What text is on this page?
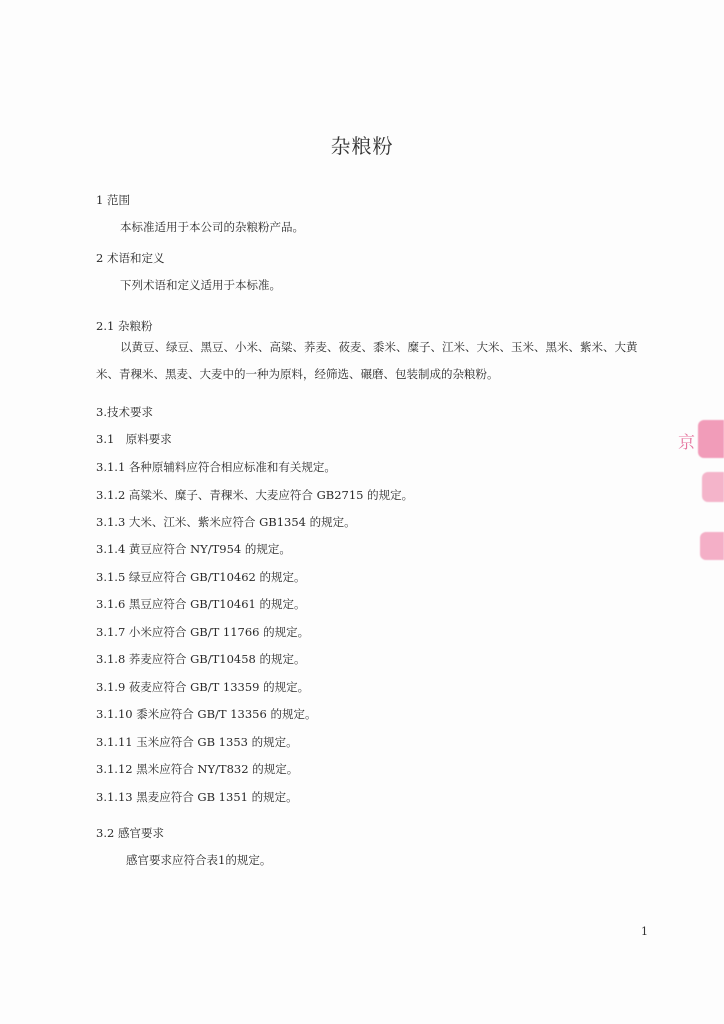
杂粮粉
1 范围
本标准适用于本公司的杂粮粉产品。
2 术语和定义
下列术语和定义适用于本标准。
2.1 杂粮粉
以黄豆、绿豆、黑豆、小米、高粱、荞麦、莜麦、黍米、糜子、江米、大米、玉米、黑米、紫米、大黄米、青稞米、黑麦、大麦中的一种为原料，经筛选、碾磨、包装制成的杂粮粉。
3.技术要求
3.1　原料要求
3.1.1 各种原辅料应符合相应标准和有关规定。
3.1.2 高粱米、糜子、青稞米、大麦应符合 GB2715 的规定。
3.1.3 大米、江米、紫米应符合 GB1354 的规定。
3.1.4 黄豆应符合 NY/T954 的规定。
3.1.5 绿豆应符合 GB/T10462 的规定。
3.1.6 黑豆应符合 GB/T10461 的规定。
3.1.7 小米应符合 GB/T 11766 的规定。
3.1.8 荞麦应符合 GB/T10458 的规定。
3.1.9 莜麦应符合 GB/T 13359 的规定。
3.1.10 黍米应符合 GB/T 13356 的规定。
3.1.11 玉米应符合 GB 1353 的规定。
3.1.12 黑米应符合 NY/T832 的规定。
3.1.13 黑麦应符合 GB 1351 的规定。
3.2 感官要求
感官要求应符合表1的规定。
1
京
